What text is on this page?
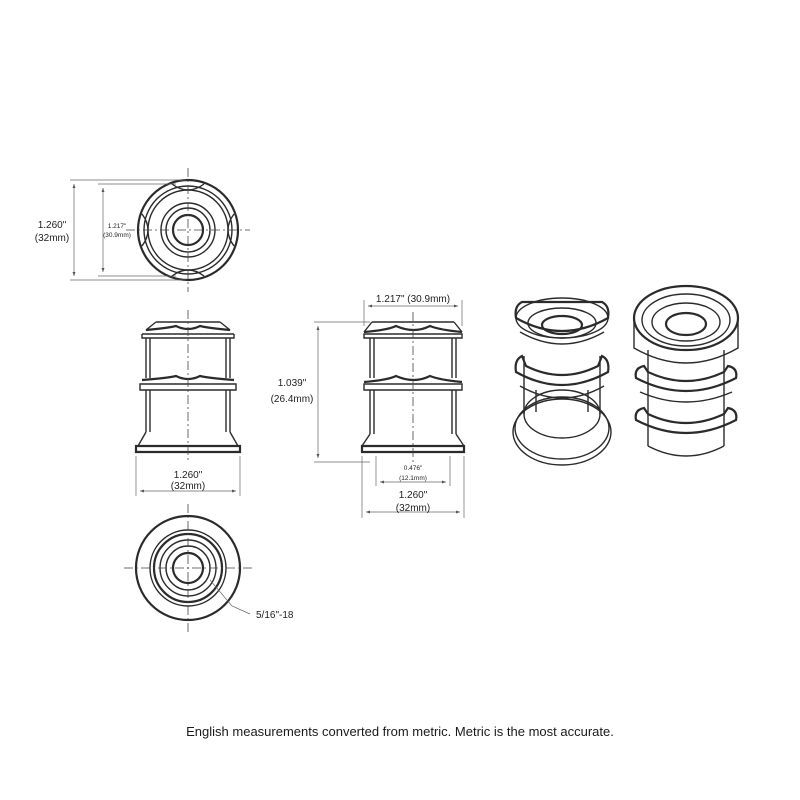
1.260"
(32mm)
1.217"
(30.9mm)
1.260"
(32mm)
1.217" (30.9mm)
1.039"
(26.4mm)
0.476"
(12.1mm)
1.260"
(32mm)
5/16"-18
English measurements converted from metric. Metric is the most accurate.
